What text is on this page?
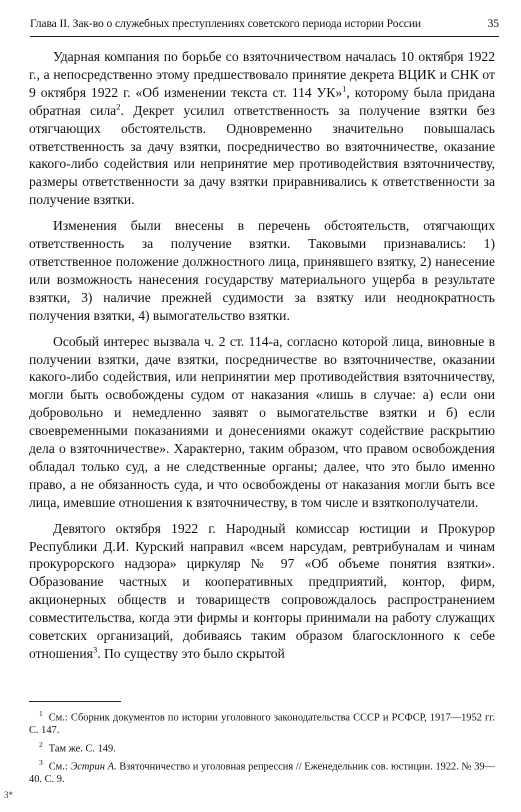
Глава II. Зак-во о служебных преступлениях советского периода истории России	35

Ударная компания по борьбе со взяточничеством началась 10 октября 1922 г., а непосредственно этому предшествовало принятие декрета ВЦИК и СНК от 9 октября 1922 г. «Об изменении текста ст. 114 УК»$^1$, которому была придана обратная сила$^2$. Декрет усилил ответственность за получение взятки без отягчающих обстоятельств. Одновременно значительно повышалась ответственность за дачу взятки, посредничество во взяточничестве, оказание какого-либо содействия или непринятие мер противодействия взяточничеству, размеры ответственности за дачу взятки приравнивались к ответственности за получение взятки.

Изменения были внесены в перечень обстоятельств, отягчающих ответственность за получение взятки. Таковыми признавались: 1) ответственное положение должностного лица, принявшего взятку, 2) нанесение или возможность нанесения государству материального ущерба в результате взятки, 3) наличие прежней судимости за взятку или неоднократность получения взятки, 4) вымогательство взятки.

Особый интерес вызвала ч. 2 ст. 114-а, согласно которой лица, виновные в получении взятки, даче взятки, посредничестве во взяточничестве, оказании какого-либо содействия, или непринятии мер противодействия взяточничеству, могли быть освобождены судом от наказания «лишь в случае: а) если они добровольно и немедленно заявят о вымогательстве взятки и б) если своевременными показаниями и донесениями окажут содействие раскрытию дела о взяточничестве». Характерно, таким образом, что правом освобождения обладал только суд, а не следственные органы; далее, что это было именно право, а не обязанность суда, и что освобождены от наказания могли быть все лица, имевшие отношения к взяточничеству, в том числе и взяткополучатели.

Девятого октября 1922 г. Народный комиссар юстиции и Прокурор Республики Д.И. Курский направил «всем нарсудам, ревтрибуналам и чинам прокурорского надзора» циркуляр № 97 «Об объеме понятия взятки». Образование частных и кооперативных предприятий, контор, фирм, акционерных обществ и товариществ сопровождалось распространением совместительства, когда эти фирмы и конторы принимали на работу служащих советских организаций, добиваясь таким образом благосклонного к себе отношения$^3$. По существу это было скрытой

$^1$ См.: Сборник документов по истории уголовного законодательства СССР и РСФСР, 1917—1952 гг. С. 147.

$^2$ Там же. С. 149.

$^3$ См.: Эстрин А. Взяточничество и уголовная репрессия // Еженедельник сов. юстиции. 1922. № 39—40. С. 9.

3*
